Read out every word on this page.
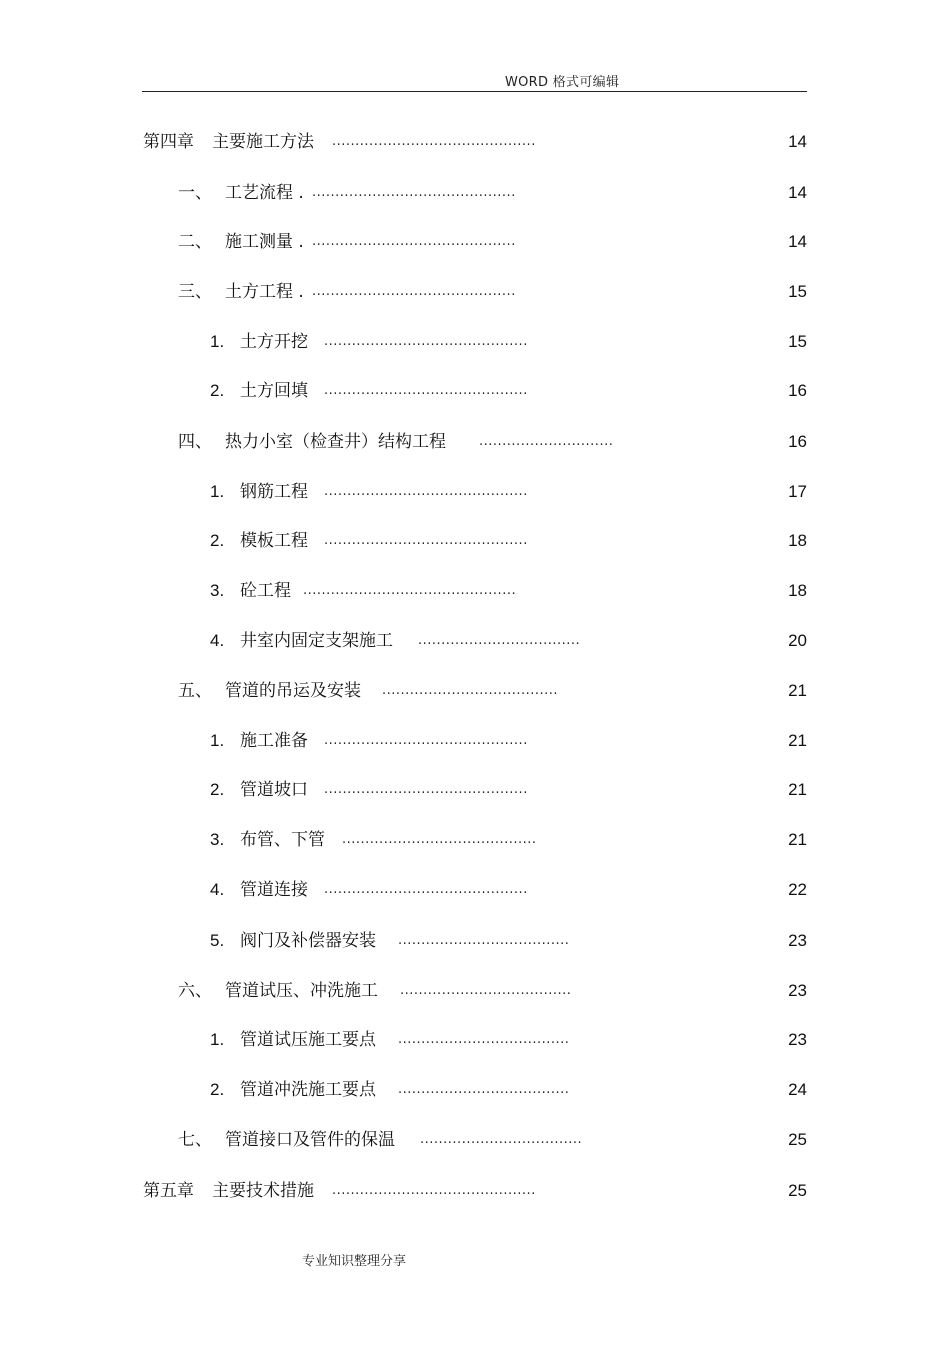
WORD 格式可编辑
第四章 主要施工方法 ............................................	14
一、 工艺流程 . ............................................	14
二、 施工测量 . ............................................	14
三、 土方工程 . ............................................	15
1. 土方开挖 ............................................	15
2. 土方回填 ............................................	16
四、 热力小室（检查井）结构工程	.............................	16
1. 钢筋工程 ............................................	17
2. 模板工程 ............................................	18
3. 砼工程 ..............................................	18
4. 井室内固定支架施工 ...................................	20
五、 管道的吊运及安装 ......................................	21
1. 施工准备 ............................................	21
2. 管道坡口 ............................................	21
3. 布管、下管 ..........................................	21
4. 管道连接 ............................................	22
5. 阀门及补偿器安装 .....................................	23
六、 管道试压、冲洗施工 .....................................	23
1. 管道试压施工要点 .....................................	23
2. 管道冲洗施工要点 .....................................	24
七、 管道接口及管件的保温 ...................................	25
第五章 主要技术措施 ............................................	25
专业知识整理分享
